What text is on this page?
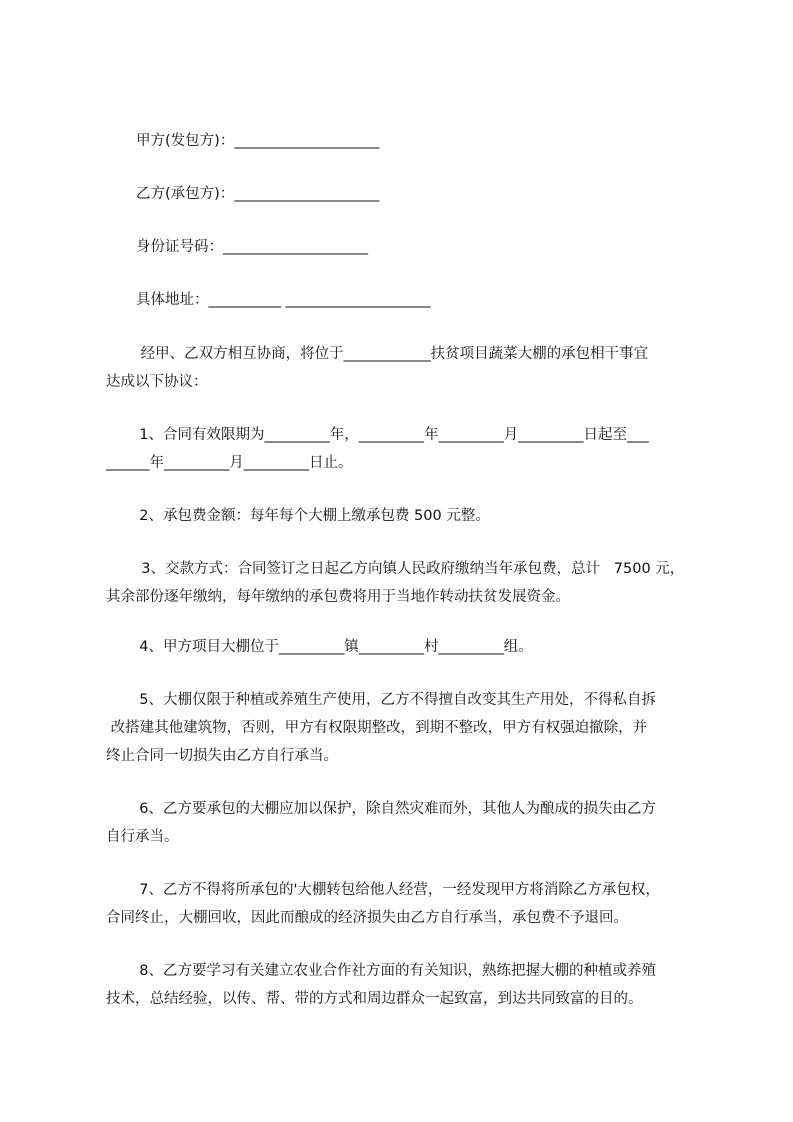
甲方(发包方)：____________________
乙方(承包方)：____________________
身份证号码：____________________
具体地址：__________ ____________________
经甲、乙双方相互协商，将位于____________扶贫项目蔬菜大棚的承包相干事宜
达成以下协议：
1、合同有效限期为_________年，_________年_________月_________日起至___
______年_________月_________日止。
2、承包费金额：每年每个大棚上缴承包费 500 元整。
3、交款方式：合同签订之日起乙方向镇人民政府缴纳当年承包费，总计   7500 元，
其余部份逐年缴纳，每年缴纳的承包费将用于当地作转动扶贫发展资金。
4、甲方项目大棚位于_________镇_________村_________组。
5、大棚仅限于种植或养殖生产使用，乙方不得擅自改变其生产用处，不得私自拆
改搭建其他建筑物，否则，甲方有权限期整改，到期不整改，甲方有权强迫撤除，并
终止合同一切损失由乙方自行承当。
6、乙方要承包的大棚应加以保护，除自然灾难而外，其他人为酿成的损失由乙方
自行承当。
7、乙方不得将所承包的'大棚转包给他人经营，一经发现甲方将消除乙方承包权，
合同终止，大棚回收，因此而酿成的经济损失由乙方自行承当，承包费不予退回。
8、乙方要学习有关建立农业合作社方面的有关知识，熟练把握大棚的种植或养殖
技术，总结经验，以传、帮、带的方式和周边群众一起致富，到达共同致富的目的。
